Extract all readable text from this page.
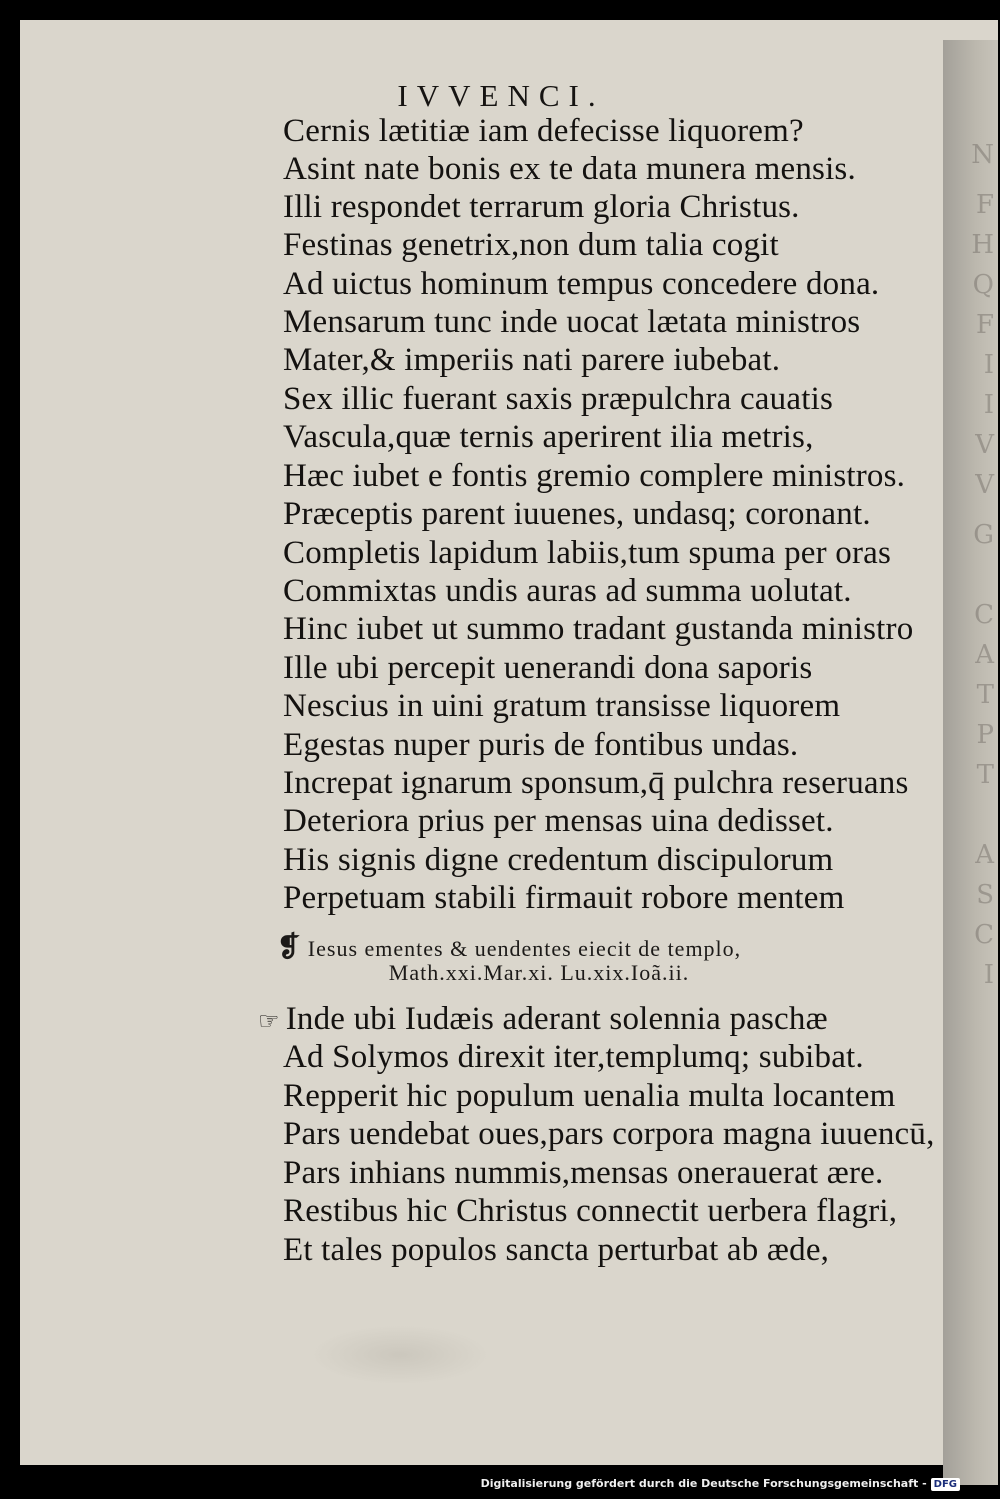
N
F
H
Q
F
I
I
V
V
G
C
A
T
P
T
A
S
C
I
IVVENCI.
Cernis lætitiæ iam defecisse liquorem?
Asint nate bonis ex te data munera mensis.
Illi respondet terrarum gloria Christus.
Festinas genetrix,non dum talia cogit
Ad uictus hominum tempus concedere dona.
Mensarum tunc inde uocat lætata ministros
Mater,& imperiis nati parere iubebat.
Sex illic fuerant saxis præpulchra cauatis
Vascula,quæ ternis aperirent ilia metris,
Hæc iubet e fontis gremio complere ministros.
Præceptis parent iuuenes, undasq; coronant.
Completis lapidum labiis,tum spuma per oras
Commixtas undis auras ad summa uolutat.
Hinc iubet ut summo tradant gustanda ministro
Ille ubi percepit uenerandi dona saporis
Nescius in uini gratum transisse liquorem
Egestas nuper puris de fontibus undas.
Increpat ignarum sponsum,q̄ pulchra reseruans
Deteriora prius per mensas uina dedisset.
His signis digne credentum discipulorum
Perpetuam stabili firmauit robore mentem
❡ Iesus ementes & uendentes eiecit de templo,
Math.xxi.Mar.xi. Lu.xix.Ioã.ii.
☞ Inde ubi Iudæis aderant solennia paschæ
Ad Solymos direxit iter,templumq; subibat.
Repperit hic populum uenalia multa locantem
Pars uendebat oues,pars corpora magna iuuencū,
Pars inhians nummis,mensas onerauerat ære.
Restibus hic Christus connectit uerbera flagri,
Et tales populos sancta perturbat ab æde,
Digitalisierung gefördert durch die Deutsche Forschungsgemeinschaft - DFG
